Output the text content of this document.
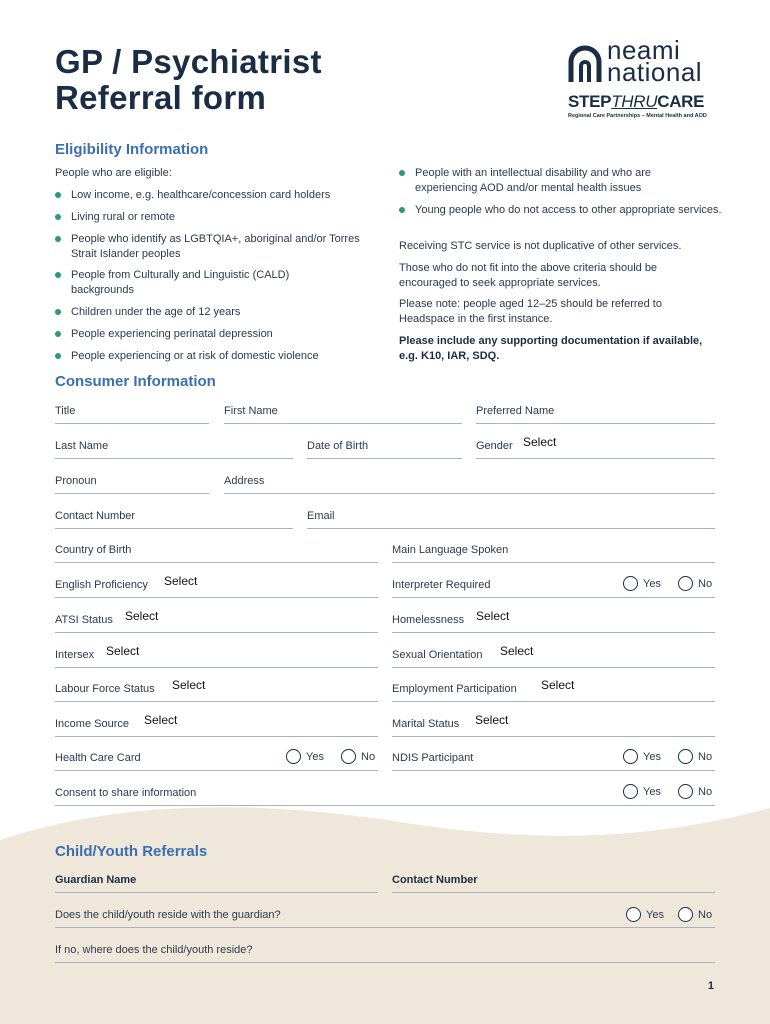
GP / Psychiatrist
Referral form
neami
national
STEPTHRUCARE
Regional Care Partnerships – Mental Health and AOD
Eligibility Information
People who are eligible:
Low income, e.g. healthcare/concession card holders
Living rural or remote
People who identify as LGBTQIA+, aboriginal and/or Torres Strait Islander peoples
People from Culturally and Linguistic (CALD) backgrounds
Children under the age of 12 years
People experiencing perinatal depression
People experiencing or at risk of domestic violence
People with an intellectual disability and who are experiencing AOD and/or mental health issues
Young people who do not access to other appropriate services.
Receiving STC service is not duplicative of other services.
Those who do not fit into the above criteria should be encouraged to seek appropriate services.
Please note: people aged 12–25 should be referred to Headspace in the first instance.
Please include any supporting documentation if available, e.g. K10, IAR, SDQ.
Consumer Information
Title	First Name	Preferred Name
Last Name	Date of Birth	Gender Select
Pronoun	Address
Contact Number	Email
Country of Birth	Main Language Spoken
English Proficiency Select	Interpreter Required	Yes	No
ATSI Status Select	Homelessness Select
Intersex Select	Sexual Orientation Select
Labour Force Status Select	Employment Participation Select
Income Source Select	Marital Status Select
Health Care Card	Yes	No NDIS Participant	Yes	No
Consent to share information	Yes	No
Child/Youth Referrals
Guardian Name	Contact Number
Does the child/youth reside with the guardian?	Yes	No
If no, where does the child/youth reside?
1
